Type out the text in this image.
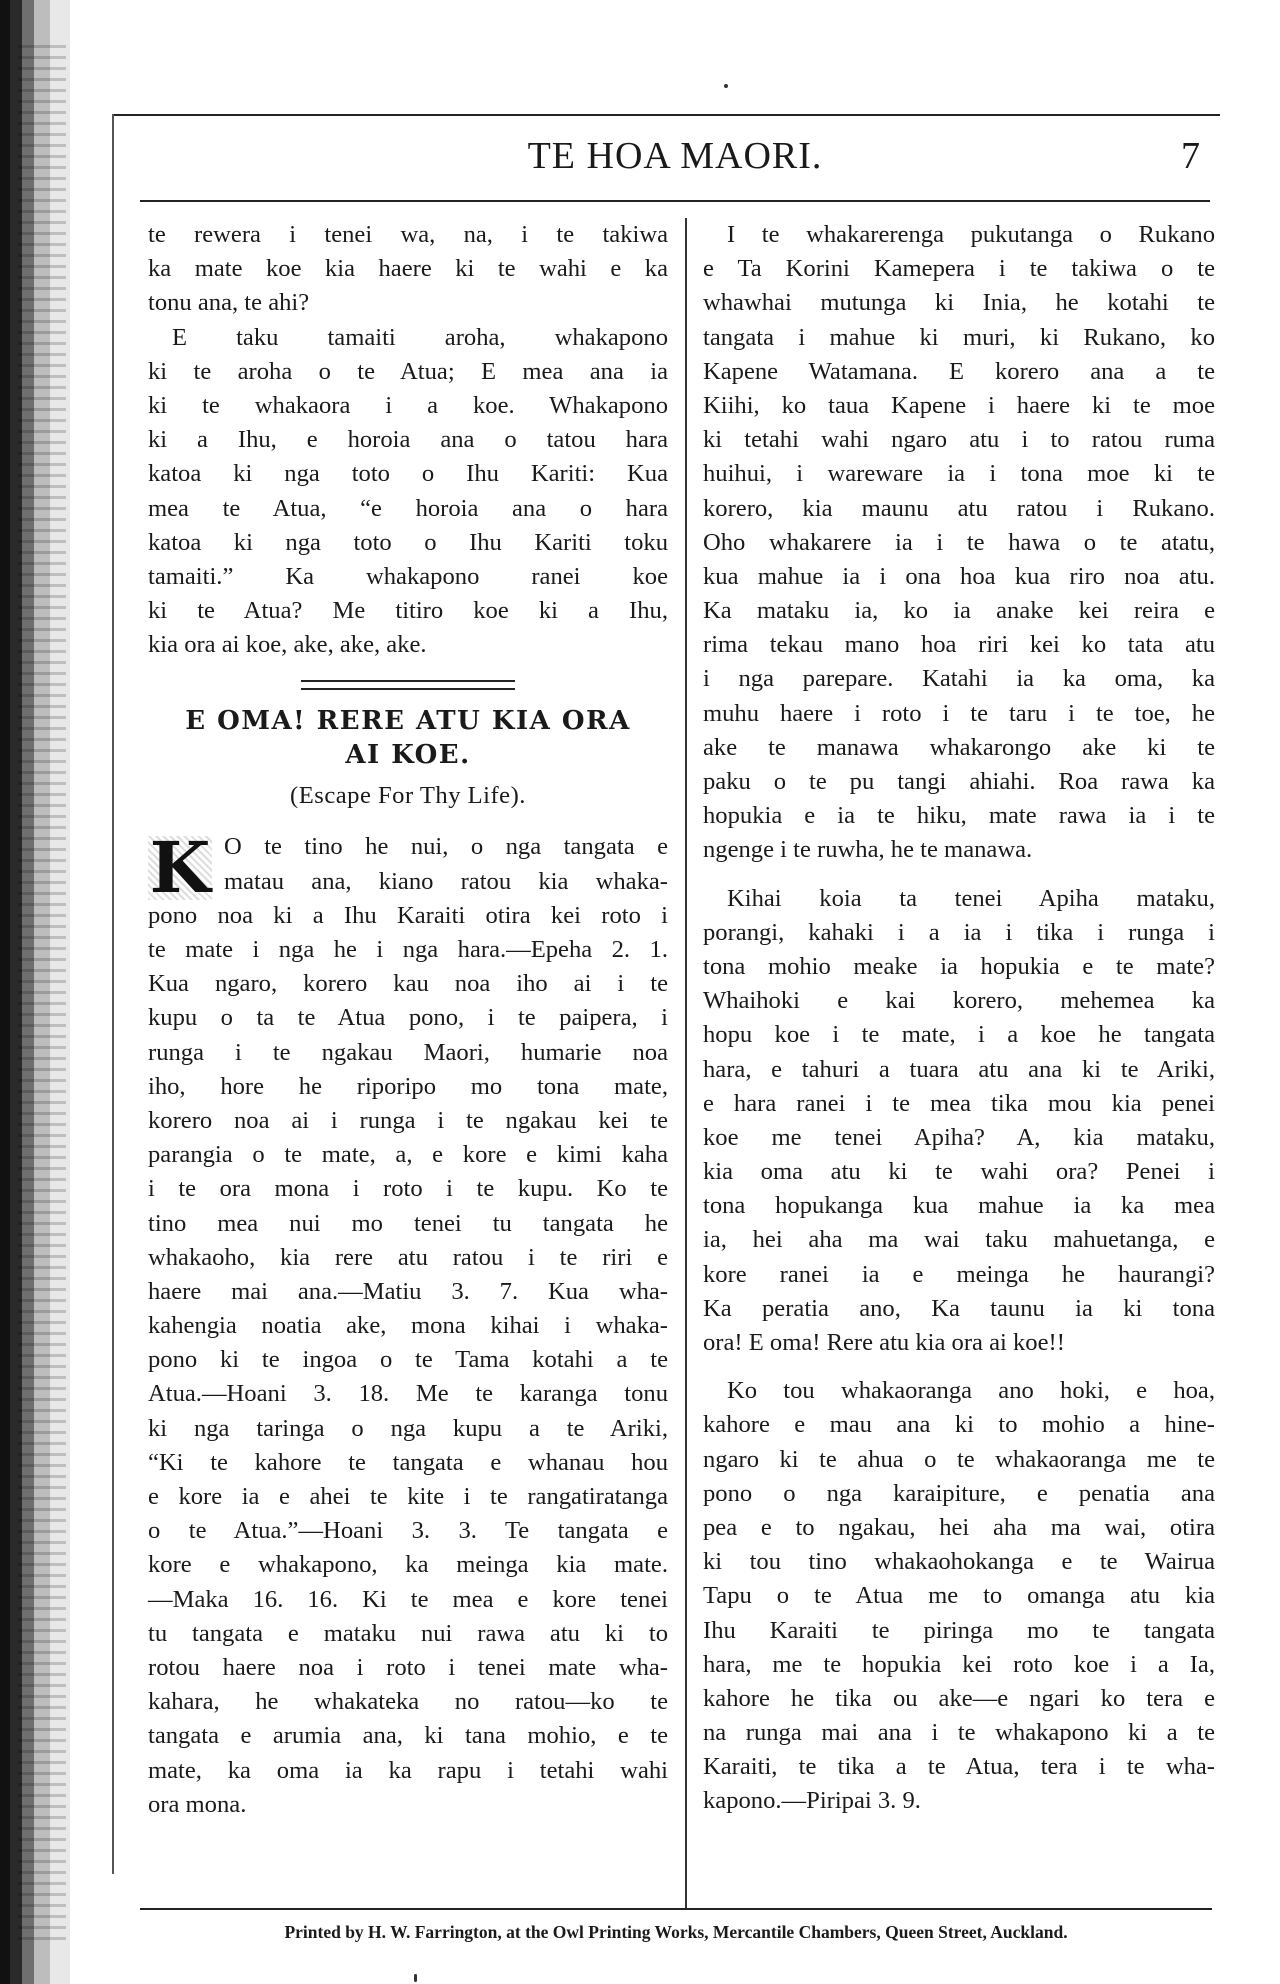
TE HOA MAORI.	7
te rewera i tenei wa, na, i te takiwa
ka mate koe kia haere ki te wahi e ka
tonu ana, te ahi?
E taku tamaiti aroha, whakapono
ki te aroha o te Atua; E mea ana ia
ki te whakaora i a koe. Whakapono
ki a Ihu, e horoia ana o tatou hara
katoa ki nga toto o Ihu Kariti: Kua
mea te Atua, “e horoia ana o hara
katoa ki nga toto o Ihu Kariti toku
tamaiti.” Ka whakapono ranei koe
ki te Atua? Me titiro koe ki a Ihu,
kia ora ai koe, ake, ake, ake.
E OMA! RERE ATU KIA ORA
AI KOE.
(Escape For Thy Life).
K O te tino he nui, o nga tangata e
matau ana, kiano ratou kia whaka-
pono noa ki a Ihu Karaiti otira kei roto i
te mate i nga he i nga hara.—Epeha 2. 1.
Kua ngaro, korero kau noa iho ai i te
kupu o ta te Atua pono, i te paipera, i
runga i te ngakau Maori, humarie noa
iho, hore he riporipo mo tona mate,
korero noa ai i runga i te ngakau kei te
parangia o te mate, a, e kore e kimi kaha
i te ora mona i roto i te kupu. Ko te
tino mea nui mo tenei tu tangata he
whakaoho, kia rere atu ratou i te riri e
haere mai ana.—Matiu 3. 7. Kua wha-
kahengia noatia ake, mona kihai i whaka-
pono ki te ingoa o te Tama kotahi a te
Atua.—Hoani 3. 18. Me te karanga tonu
ki nga taringa o nga kupu a te Ariki,
“Ki te kahore te tangata e whanau hou
e kore ia e ahei te kite i te rangatiratanga
o te Atua.”—Hoani 3. 3. Te tangata e
kore e whakapono, ka meinga kia mate.
—Maka 16. 16. Ki te mea e kore tenei
tu tangata e mataku nui rawa atu ki to
rotou haere noa i roto i tenei mate wha-
kahara, he whakateka no ratou—ko te
tangata e arumia ana, ki tana mohio, e te
mate, ka oma ia ka rapu i tetahi wahi
ora mona.
I te whakarerenga pukutanga o Rukano
e Ta Korini Kamepera i te takiwa o te
whawhai mutunga ki Inia, he kotahi te
tangata i mahue ki muri, ki Rukano, ko
Kapene Watamana. E korero ana a te
Kiihi, ko taua Kapene i haere ki te moe
ki tetahi wahi ngaro atu i to ratou ruma
huihui, i wareware ia i tona moe ki te
korero, kia maunu atu ratou i Rukano.
Oho whakarere ia i te hawa o te atatu,
kua mahue ia i ona hoa kua riro noa atu.
Ka mataku ia, ko ia anake kei reira e
rima tekau mano hoa riri kei ko tata atu
i nga parepare. Katahi ia ka oma, ka
muhu haere i roto i te taru i te toe, he
ake te manawa whakarongo ake ki te
paku o te pu tangi ahiahi. Roa rawa ka
hopukia e ia te hiku, mate rawa ia i te
ngenge i te ruwha, he te manawa.
Kihai koia ta tenei Apiha mataku,
porangi, kahaki i a ia i tika i runga i
tona mohio meake ia hopukia e te mate?
Whaihoki e kai korero, mehemea ka
hopu koe i te mate, i a koe he tangata
hara, e tahuri a tuara atu ana ki te Ariki,
e hara ranei i te mea tika mou kia penei
koe me tenei Apiha? A, kia mataku,
kia oma atu ki te wahi ora? Penei i
tona hopukanga kua mahue ia ka mea
ia, hei aha ma wai taku mahuetanga, e
kore ranei ia e meinga he haurangi?
Ka peratia ano, Ka taunu ia ki tona
ora! E oma! Rere atu kia ora ai koe!!
Ko tou whakaoranga ano hoki, e hoa,
kahore e mau ana ki to mohio a hine-
ngaro ki te ahua o te whakaoranga me te
pono o nga karaipiture, e penatia ana
pea e to ngakau, hei aha ma wai, otira
ki tou tino whakaohokanga e te Wairua
Tapu o te Atua me to omanga atu kia
Ihu Karaiti te piringa mo te tangata
hara, me te hopukia kei roto koe i a Ia,
kahore he tika ou ake—e ngari ko tera e
na runga mai ana i te whakapono ki a te
Karaiti, te tika a te Atua, tera i te wha-
kapono.—Piripai 3. 9.
Printed by H. W. Farrington, at the Owl Printing Works, Mercantile Chambers, Queen Street, Auckland.
